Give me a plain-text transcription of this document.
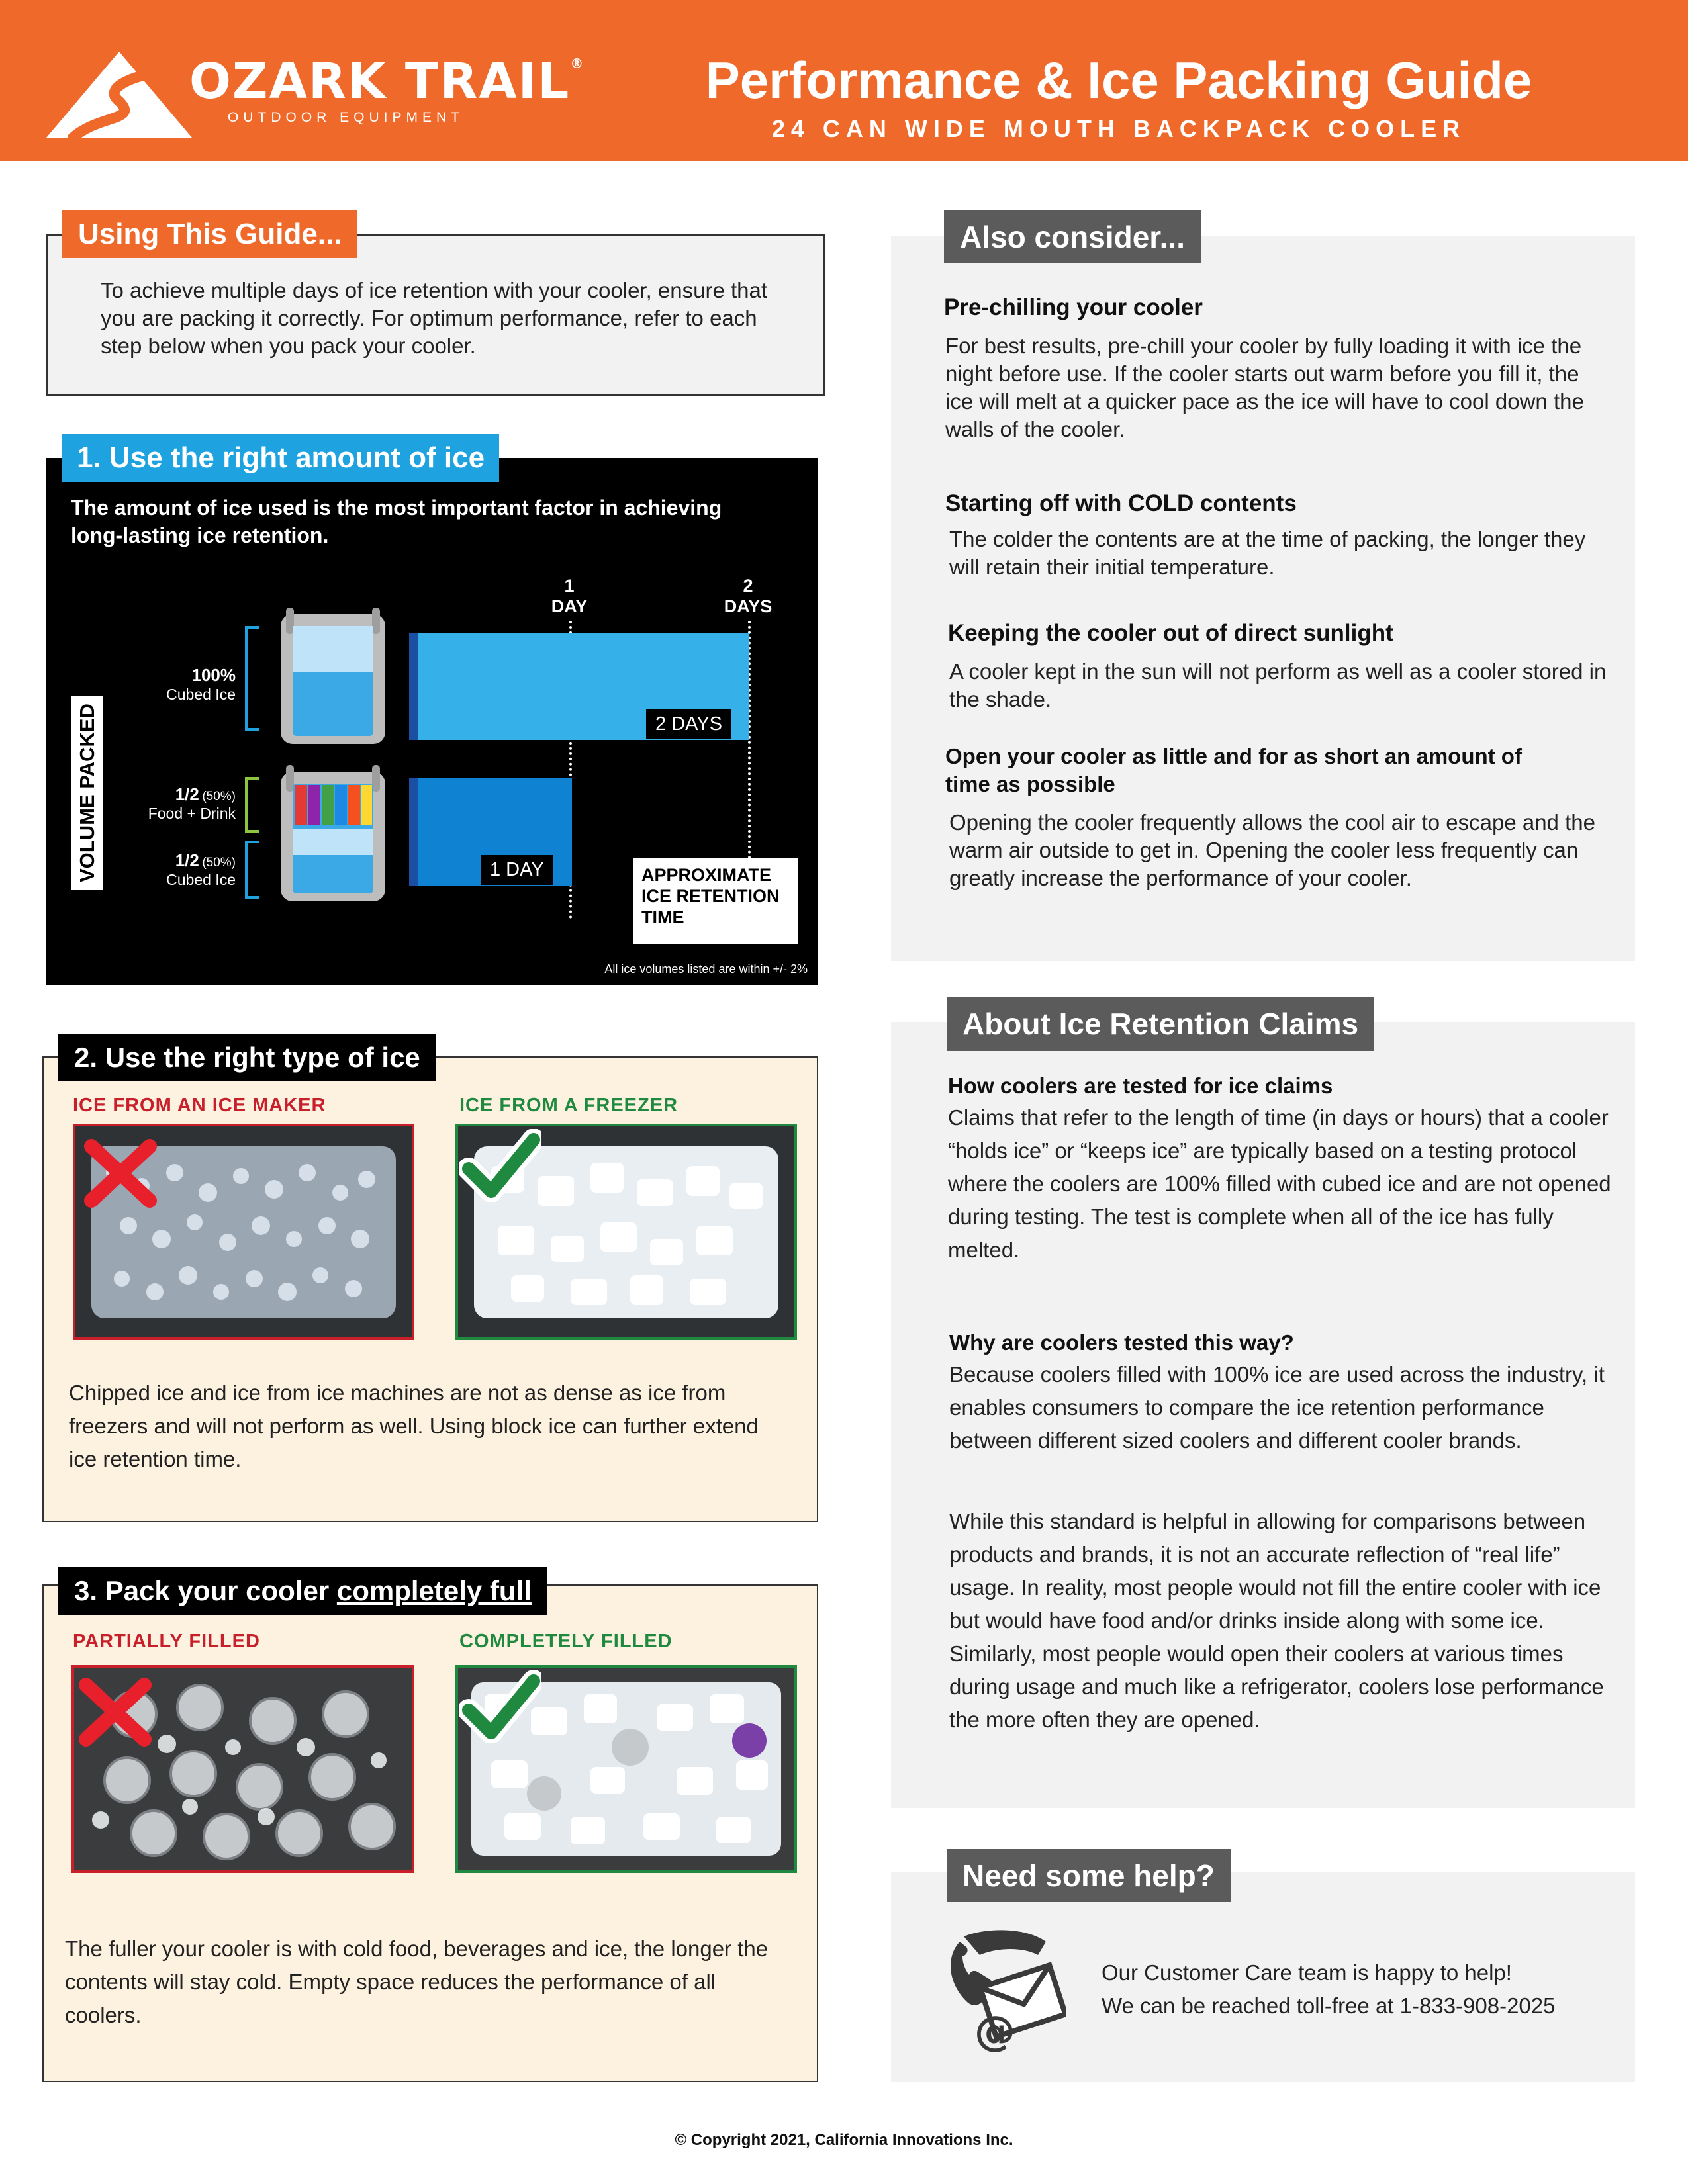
OZARK TRAIL®
OUTDOOR EQUIPMENT
Performance & Ice Packing Guide
24 CAN WIDE MOUTH BACKPACK COOLER
Using This Guide...
To achieve multiple days of ice retention with your cooler, ensure that you are packing it correctly. For optimum performance, refer to each step below when you pack your cooler.
1. Use the right amount of ice
The amount of ice used is the most important factor in achieving long-lasting ice retention.
1
DAY
2
DAYS
VOLUME PACKED
100%
Cubed Ice
1/2 (50%)
Food + Drink
1/2 (50%)
Cubed Ice
2 DAYS
1 DAY	APPROXIMATE ICE RETENTION TIME
All ice volumes listed are within +/- 2%
2. Use the right type of ice
ICE FROM AN ICE MAKER	ICE FROM A FREEZER
Chipped ice and ice from ice machines are not as dense as ice from freezers and will not perform as well. Using block ice can further extend ice retention time.
3. Pack your cooler
completely full
PARTIALLY FILLED	COMPLETELY FILLED
The fuller your cooler is with cold food, beverages and ice, the longer the contents will stay cold. Empty space reduces the performance of all coolers.
Also consider...
Pre-chilling your cooler
For best results, pre-chill your cooler by fully loading it with ice the night before use. If the cooler starts out warm before you fill it, the ice will melt at a quicker pace as the ice will have to cool down the walls of the cooler.
Starting off with COLD contents
The colder the contents are at the time of packing, the longer they will retain their initial temperature.
Keeping the cooler out of direct sunlight
A cooler kept in the sun will not perform as well as a cooler stored in the shade.
Open your cooler as little and for as short an amount of time as possible
Opening the cooler frequently allows the cool air to escape and the warm air outside to get in. Opening the cooler less frequently can greatly increase the performance of your cooler.
About Ice Retention Claims
How coolers are tested for ice claims
Claims that refer to the length of time (in days or hours) that a cooler “holds ice” or “keeps ice” are typically based on a testing protocol where the coolers are 100% filled with cubed ice and are not opened during testing. The test is complete when all of the ice has fully melted.
Why are coolers tested this way?
Because coolers filled with 100% ice are used across the industry, it enables consumers to compare the ice retention performance between different sized coolers and different cooler brands.
While this standard is helpful in allowing for comparisons between products and brands, it is not an accurate reflection of “real life” usage. In reality, most people would not fill the entire cooler with ice but would have food and/or drinks inside along with some ice. Similarly, most people would open their coolers at various times during usage and much like a refrigerator, coolers lose performance the more often they are opened.
Need some help?
@
Our Customer Care team is happy to help!
We can be reached toll-free at 1-833-908-2025
© Copyright 2021, California Innovations Inc.
